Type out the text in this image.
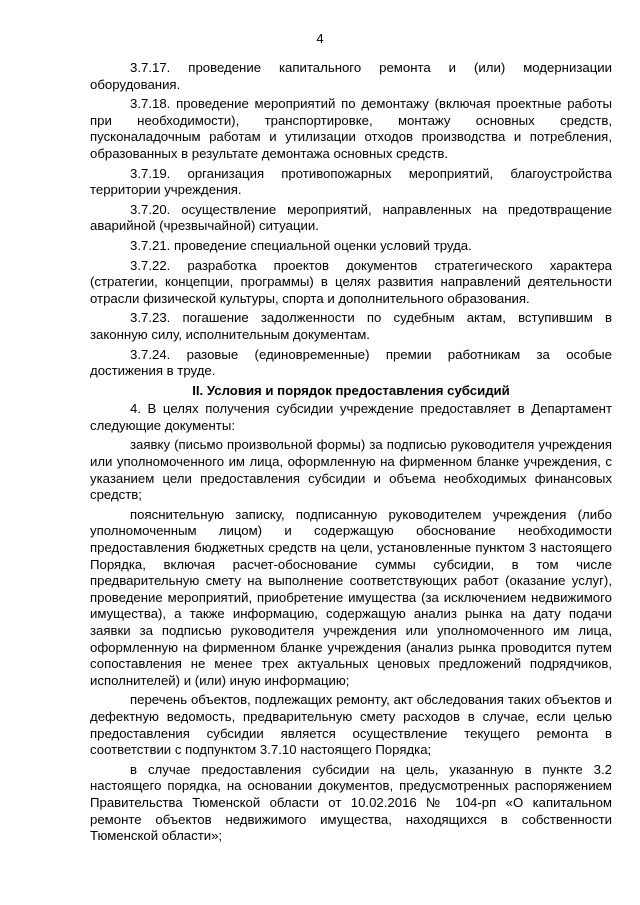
4

3.7.17. проведение капитального ремонта и (или) модернизации оборудования.

3.7.18. проведение мероприятий по демонтажу (включая проектные работы при необходимости), транспортировке, монтажу основных средств, пусконаладочным работам и утилизации отходов производства и потребления, образованных в результате демонтажа основных средств.

3.7.19. организация противопожарных мероприятий, благоустройства территории учреждения.

3.7.20. осуществление мероприятий, направленных на предотвращение аварийной (чрезвычайной) ситуации.

3.7.21. проведение специальной оценки условий труда.

3.7.22. разработка проектов документов стратегического характера (стратегии, концепции, программы) в целях развития направлений деятельности отрасли физической культуры, спорта и дополнительного образования.

3.7.23. погашение задолженности по судебным актам, вступившим в законную силу, исполнительным документам.

3.7.24. разовые (единовременные) премии работникам за особые достижения в труде.

II. Условия и порядок предоставления субсидий

4. В целях получения субсидии учреждение предоставляет в Департамент следующие документы:

заявку (письмо произвольной формы) за подписью руководителя учреждения или уполномоченного им лица, оформленную на фирменном бланке учреждения, с указанием цели предоставления субсидии и объема необходимых финансовых средств;

пояснительную записку, подписанную руководителем учреждения (либо уполномоченным лицом) и содержащую обоснование необходимости предоставления бюджетных средств на цели, установленные пунктом 3 настоящего Порядка, включая расчет-обоснование суммы субсидии, в том числе предварительную смету на выполнение соответствующих работ (оказание услуг), проведение мероприятий, приобретение имущества (за исключением недвижимого имущества), а также информацию, содержащую анализ рынка на дату подачи заявки за подписью руководителя учреждения или уполномоченного им лица, оформленную на фирменном бланке учреждения (анализ рынка проводится путем сопоставления не менее трех актуальных ценовых предложений подрядчиков, исполнителей) и (или) иную информацию;

перечень объектов, подлежащих ремонту, акт обследования таких объектов и дефектную ведомость, предварительную смету расходов в случае, если целью предоставления субсидии является осуществление текущего ремонта в соответствии с подпунктом 3.7.10 настоящего Порядка;

в случае предоставления субсидии на цель, указанную в пункте 3.2 настоящего порядка, на основании документов, предусмотренных распоряжением Правительства Тюменской области от 10.02.2016 № 104-рп «О капитальном ремонте объектов недвижимого имущества, находящихся в собственности Тюменской области»;
